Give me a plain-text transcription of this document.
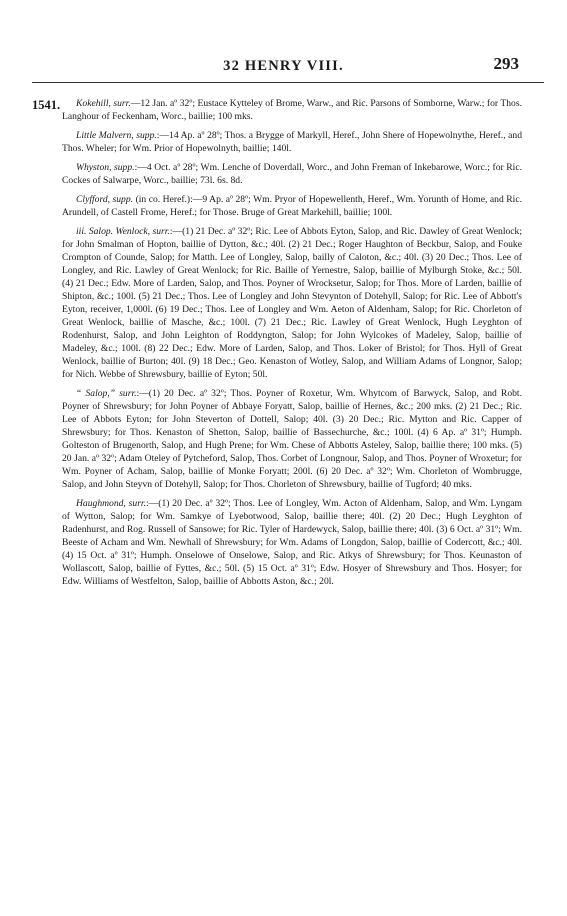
32 HENRY VIII.	293
1541.	Kokehill, surr.—12 Jan. aº 32º; Eustace Kytteley of Brome, Warw., and Ric. Parsons of Somborne, Warw.; for Thos. Langhour of Feckenham, Worc., baillie; 100 mks.

Little Malvern, supp.:—14 Ap. aº 28º; Thos. a Brygge of Markyll, Heref., John Shere of Hopewolnythe, Heref., and Thos. Wheler; for Wm. Prior of Hopewolnyth, baillie; 140l.

Whyston, supp.:—4 Oct. aº 28º; Wm. Lenche of Doverdall, Worc., and John Freman of Inkebarowe, Worc.; for Ric. Cockes of Salwarpe, Worc., baillie; 73l. 6s. 8d.

Clyfford, supp. (in co. Heref.):—9 Ap. aº 28º; Wm. Pryor of Hopewellenth, Heref., Wm. Yorunth of Home, and Ric. Arundell, of Castell Frome, Heref.; for Those. Bruge of Great Markehill, baillie; 100l.

iii. Salop. Wenlock, surr.:—(1) 21 Dec. aº 32º; Ric. Lee of Abbots Eyton, Salop, and Ric. Dawley of Great Wenlock; for John Smalman of Hopton, baillie of Dytton, &c.; 40l. (2) 21 Dec.; Roger Haughton of Beckbur, Salop, and Fouke Crompton of Counde, Salop; for Matth. Lee of Longley, Salop, bailly of Caloton, &c.; 40l. (3) 20 Dec.; Thos. Lee of Longley, and Ric. Lawley of Great Wenlock; for Ric. Baille of Yernestre, Salop, baillie of Mylburgh Stoke, &c.; 50l. (4) 21 Dec.; Edw. More of Larden, Salop, and Thos. Poyner of Wrocksetur, Salop; for Thos. More of Larden, baillie of Shipton, &c.; 100l. (5) 21 Dec.; Thos. Lee of Longley and John Stevynton of Dotehyll, Salop; for Ric. Lee of Abbott's Eyton, receiver, 1,000l. (6) 19 Dec.; Thos. Lee of Longley and Wm. Aeton of Aldenham, Salop; for Ric. Chorleton of Great Wenlock, baillie of Masche, &c.; 100l. (7) 21 Dec.; Ric. Lawley of Great Wenlock, Hugh Leyghton of Rodenhurst, Salop, and John Leighton of Roddyngton, Salop; for John Wylcokes of Madeley, Salop, baillie of Madeley, &c.; 100l. (8) 22 Dec.; Edw. More of Larden, Salop, and Thos. Loker of Bristol; for Thos. Hyll of Great Wenlock, baillie of Burton; 40l. (9) 18 Dec.; Geo. Kenaston of Wotley, Salop, and William Adams of Longnor, Salop; for Nich. Webbe of Shrewsbury, baillie of Eyton; 50l.

“ Salop,” surr.:—(1) 20 Dec. aº 32º; Thos. Poyner of Roxetur, Wm. Whytcom of Barwyck, Salop, and Robt. Poyner of Shrewsbury; for John Poyner of Abbaye Foryatt, Salop, baillie of Hernes, &c.; 200 mks. (2) 21 Dec.; Ric. Lee of Abbots Eyton; for John Steverton of Dottell, Salop; 40l. (3) 20 Dec.; Ric. Mytton and Ric. Capper of Shrewsbury; for Thos. Kenaston of Shetton, Salop, baillie of Bassechurche, &c.; 100l. (4) 6 Ap. aº 31º; Humph. Golteston of Brugenorth, Salop, and Hugh Prene; for Wm. Chese of Abbotts Asteley, Salop, baillie there; 100 mks. (5) 20 Jan. aº 32º; Adam Oteley of Pytcheford, Salop, Thos. Corbet of Longnour, Salop, and Thos. Poyner of Wroxetur; for Wm. Poyner of Acham, Salop, baillie of Monke Foryatt; 200l. (6) 20 Dec. aº 32º; Wm. Chorleton of Wombrugge, Salop, and John Steyvn of Dotehyll, Salop; for Thos. Chorleton of Shrewsbury, baillie of Tugford; 40 mks.

Haughmond, surr.:—(1) 20 Dec. aº 32º; Thos. Lee of Longley, Wm. Acton of Aldenham, Salop, and Wm. Lyngam of Wytton, Salop; for Wm. Samkye of Lyebotwood, Salop, baillie there; 40l. (2) 20 Dec.; Hugh Leyghton of Radenhurst, and Rog. Russell of Sansowe; for Ric. Tyler of Hardewyck, Salop, baillie there; 40l. (3) 6 Oct. aº 31º; Wm. Beeste of Acham and Wm. Newhall of Shrewsbury; for Wm. Adams of Longdon, Salop, baillie of Codercott, &c.; 40l. (4) 15 Oct. aº 31º; Humph. Onselowe of Onselowe, Salop, and Ric. Atkys of Shrewsbury; for Thos. Keunaston of Wollascott, Salop, baillie of Fyttes, &c.; 50l. (5) 15 Oct. aº 31º; Edw. Hosyer of Shrewsbury and Thos. Hosyer; for Edw. Williams of Westfelton, Salop, baillie of Abbotts Aston, &c.; 20l.
